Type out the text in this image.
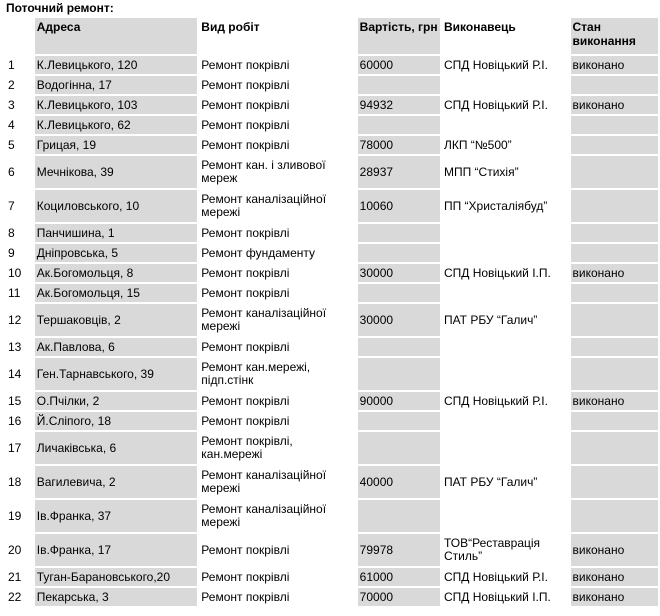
Поточний ремонт:
	Адреса	Вид робіт	Вартість, грн	Виконавець	Стан виконання
1	К.Левицького, 120	Ремонт покрівлі	60000	СПД Новіцький Р.І.	виконано
2	Водогінна, 17	Ремонт покрівлі			
3	К.Левицького, 103	Ремонт покрівлі	94932	СПД Новіцький Р.І.	виконано
4	К.Левицького, 62	Ремонт покрівлі			
5	Грицая, 19	Ремонт покрівлі	78000	ЛКП “№500”	
6	Мечнікова, 39	Ремонт кан. і зливової мереж	28937	МПП “Стихія”	
7	Коциловського, 10	Ремонт каналізаційної мережі	10060	ПП “Христаліябуд”	
8	Панчишина, 1	Ремонт покрівлі			
9	Дніпровська, 5	Ремонт фундаменту			
10	Ак.Богомольця, 8	Ремонт покрівлі	30000	СПД Новіцький І.П.	виконано
11	Ак.Богомольця, 15	Ремонт покрівлі			
12	Тершаковців, 2	Ремонт каналізаційної мережі	30000	ПАТ РБУ “Галич”	
13	Ак.Павлова, 6	Ремонт покрівлі			
14	Ген.Тарнавського, 39	Ремонт кан.мережі, підп.стінк			
15	О.Пчілки, 2	Ремонт покрівлі	90000	СПД Новіцький Р.І.	виконано
16	Й.Сліпого, 18	Ремонт покрівлі			
17	Личаківська, 6	Ремонт покрівлі, кан.мережі			
18	Вагилевича, 2	Ремонт каналізаційної мережі	40000	ПАТ РБУ “Галич”	
19	Ів.Франка, 37	Ремонт каналізаційної мережі			
20	Ів.Франка, 17	Ремонт покрівлі	79978	ТОВ“Реставрація Стиль”	виконано
21	Туган-Барановського,20	Ремонт покрівлі	61000	СПД Новіцький Р.І.	виконано
22	Пекарська, 3	Ремонт покрівлі	70000	СПД Новіцький І.П.	виконано
